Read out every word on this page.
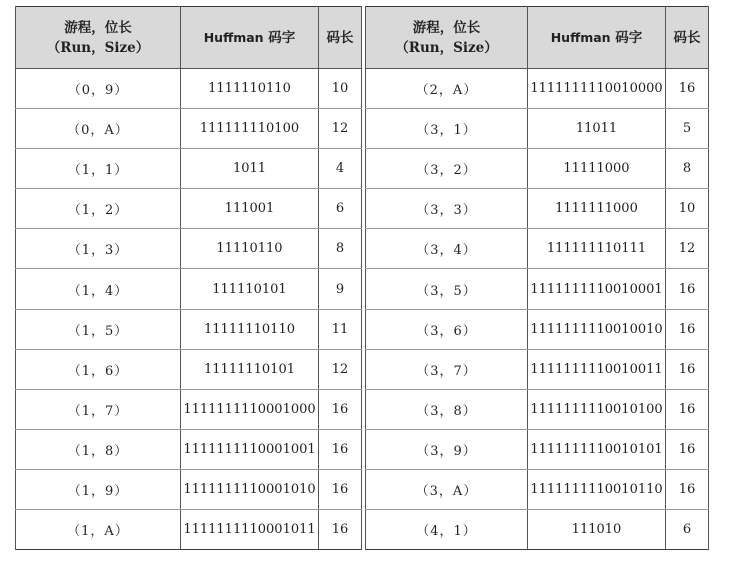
游程，位长
（Run，Size）	Huffman 码字	码长
（0，9）	1111110110	10
（0，A）	111111110100	12
（1，1）	1011	4
（1，2）	111001	6
（1，3）	11110110	8
（1，4）	111110101	9
（1，5）	11111110110	11
（1，6）	11111110101	12
（1，7）	1111111110001000	16
（1，8）	1111111110001001	16
（1，9）	1111111110001010	16
（1，A）	1111111110001011	16
游程，位长
（Run，Size）	Huffman 码字	码长
（2，A）	1111111110010000	16
（3，1）	11011	5
（3，2）	11111000	8
（3，3）	1111111000	10
（3，4）	111111110111	12
（3，5）	1111111110010001	16
（3，6）	1111111110010010	16
（3，7）	1111111110010011	16
（3，8）	1111111110010100	16
（3，9）	1111111110010101	16
（3，A）	1111111110010110	16
（4，1）	111010	6
